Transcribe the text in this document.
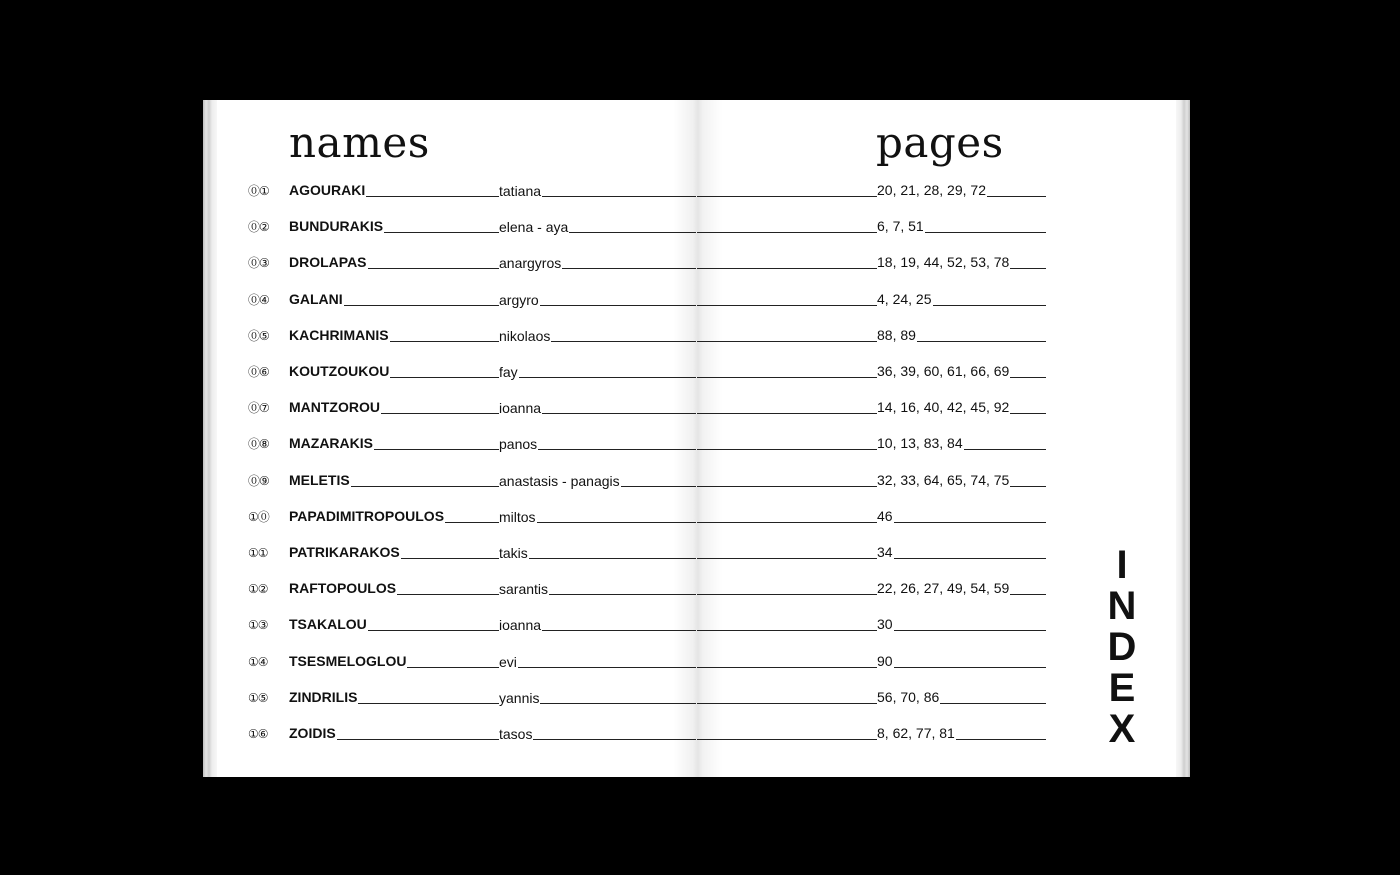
names	pages
⓪① AGOURAKI	tatiana	20, 21, 28, 29, 72
⓪② BUNDURAKIS	elena - aya	6, 7, 51
⓪③ DROLAPAS	anargyros	18, 19, 44, 52, 53, 78
⓪④ GALANI	argyro	4, 24, 25
⓪⑤ KACHRIMANIS	nikolaos	88, 89
⓪⑥ KOUTZOUKOU	fay	36, 39, 60, 61, 66, 69
⓪⑦ MANTZOROU	ioanna	14, 16, 40, 42, 45, 92
⓪⑧ MAZARAKIS	panos	10, 13, 83, 84
⓪⑨ MELETIS	anastasis - panagis	32, 33, 64, 65, 74, 75
①⓪ PAPADIMITROPOULOS	miltos	46
①① PATRIKARAKOS	takis	34
①② RAFTOPOULOS	sarantis	22, 26, 27, 49, 54, 59
①③ TSAKALOU	ioanna	30
①④ TSESMELOGLOU	evi	90
①⑤ ZINDRILIS	yannis	56, 70, 86
①⑥ ZOIDIS	tasos	8, 62, 77, 81
I
N
D
E
X
